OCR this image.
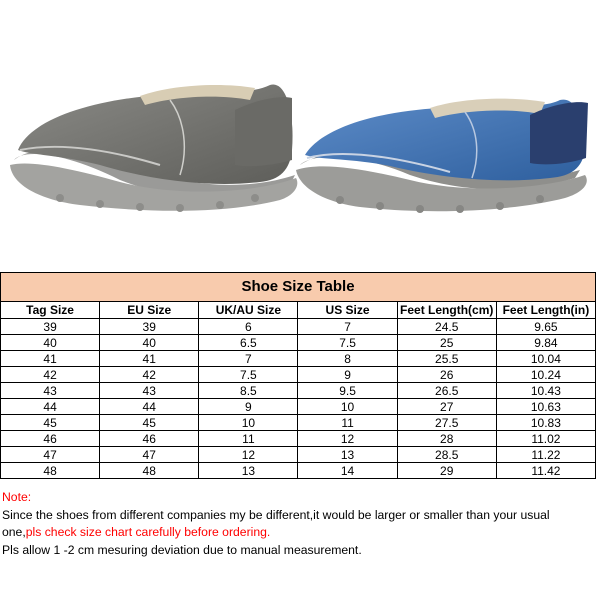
Shoe Size Table					
Tag Size	EU Size	UK/AU Size	US Size	Feet Length(cm)	Feet Length(in)
39	39	6	7	24.5	9.65
40	40	6.5	7.5	25	9.84
41	41	7	8	25.5	10.04
42	42	7.5	9	26	10.24
43	43	8.5	9.5	26.5	10.43
44	44	9	10	27	10.63
45	45	10	11	27.5	10.83
46	46	11	12	28	11.02
47	47	12	13	28.5	11.22
48	48	13	14	29	11.42

Note:

Since the shoes from different companies my be different,it would be larger or smaller than your usual

one,pls check size chart carefully before ordering.

Pls allow 1 -2 cm mesuring deviation due to manual measurement.
